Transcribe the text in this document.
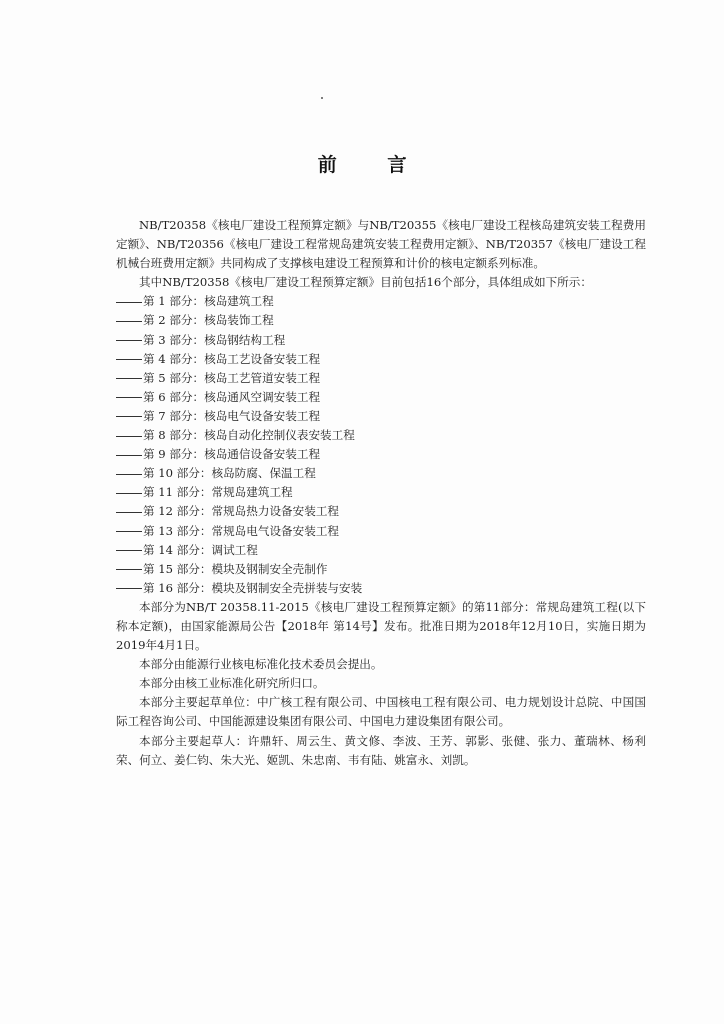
前 言

NB/T20358《核电厂建设工程预算定额》与NB/T20355《核电厂建设工程核岛建筑安装工程费用定额》、NB/T20356《核电厂建设工程常规岛建筑安装工程费用定额》、NB/T20357《核电厂建设工程机械台班费用定额》共同构成了支撑核电建设工程预算和计价的核电定额系列标准。

其中NB/T20358《核电厂建设工程预算定额》目前包括16个部分，具体组成如下所示：

第 1 部分：核岛建筑工程
第 2 部分：核岛装饰工程
第 3 部分：核岛钢结构工程
第 4 部分：核岛工艺设备安装工程
第 5 部分：核岛工艺管道安装工程
第 6 部分：核岛通风空调安装工程
第 7 部分：核岛电气设备安装工程
第 8 部分：核岛自动化控制仪表安装工程
第 9 部分：核岛通信设备安装工程
第 10 部分：核岛防腐、保温工程
第 11 部分：常规岛建筑工程
第 12 部分：常规岛热力设备安装工程
第 13 部分：常规岛电气设备安装工程
第 14 部分：调试工程
第 15 部分：模块及钢制安全壳制作
第 16 部分：模块及钢制安全壳拼装与安装

本部分为NB/T 20358.11-2015《核电厂建设工程预算定额》的第11部分：常规岛建筑工程(以下称本定额)，由国家能源局公告【2018年 第14号】发布。批准日期为2018年12月10日，实施日期为2019年4月1日。

本部分由能源行业核电标准化技术委员会提出。

本部分由核工业标准化研究所归口。

本部分主要起草单位：中广核工程有限公司、中国核电工程有限公司、电力规划设计总院、中国国际工程咨询公司、中国能源建设集团有限公司、中国电力建设集团有限公司。

本部分主要起草人：许鼎轩、周云生、黄文修、李波、王芳、郭影、张健、张力、董瑞林、杨利荣、何立、姜仁钧、朱大光、姬凯、朱忠南、韦有陆、姚富永、刘凯。
